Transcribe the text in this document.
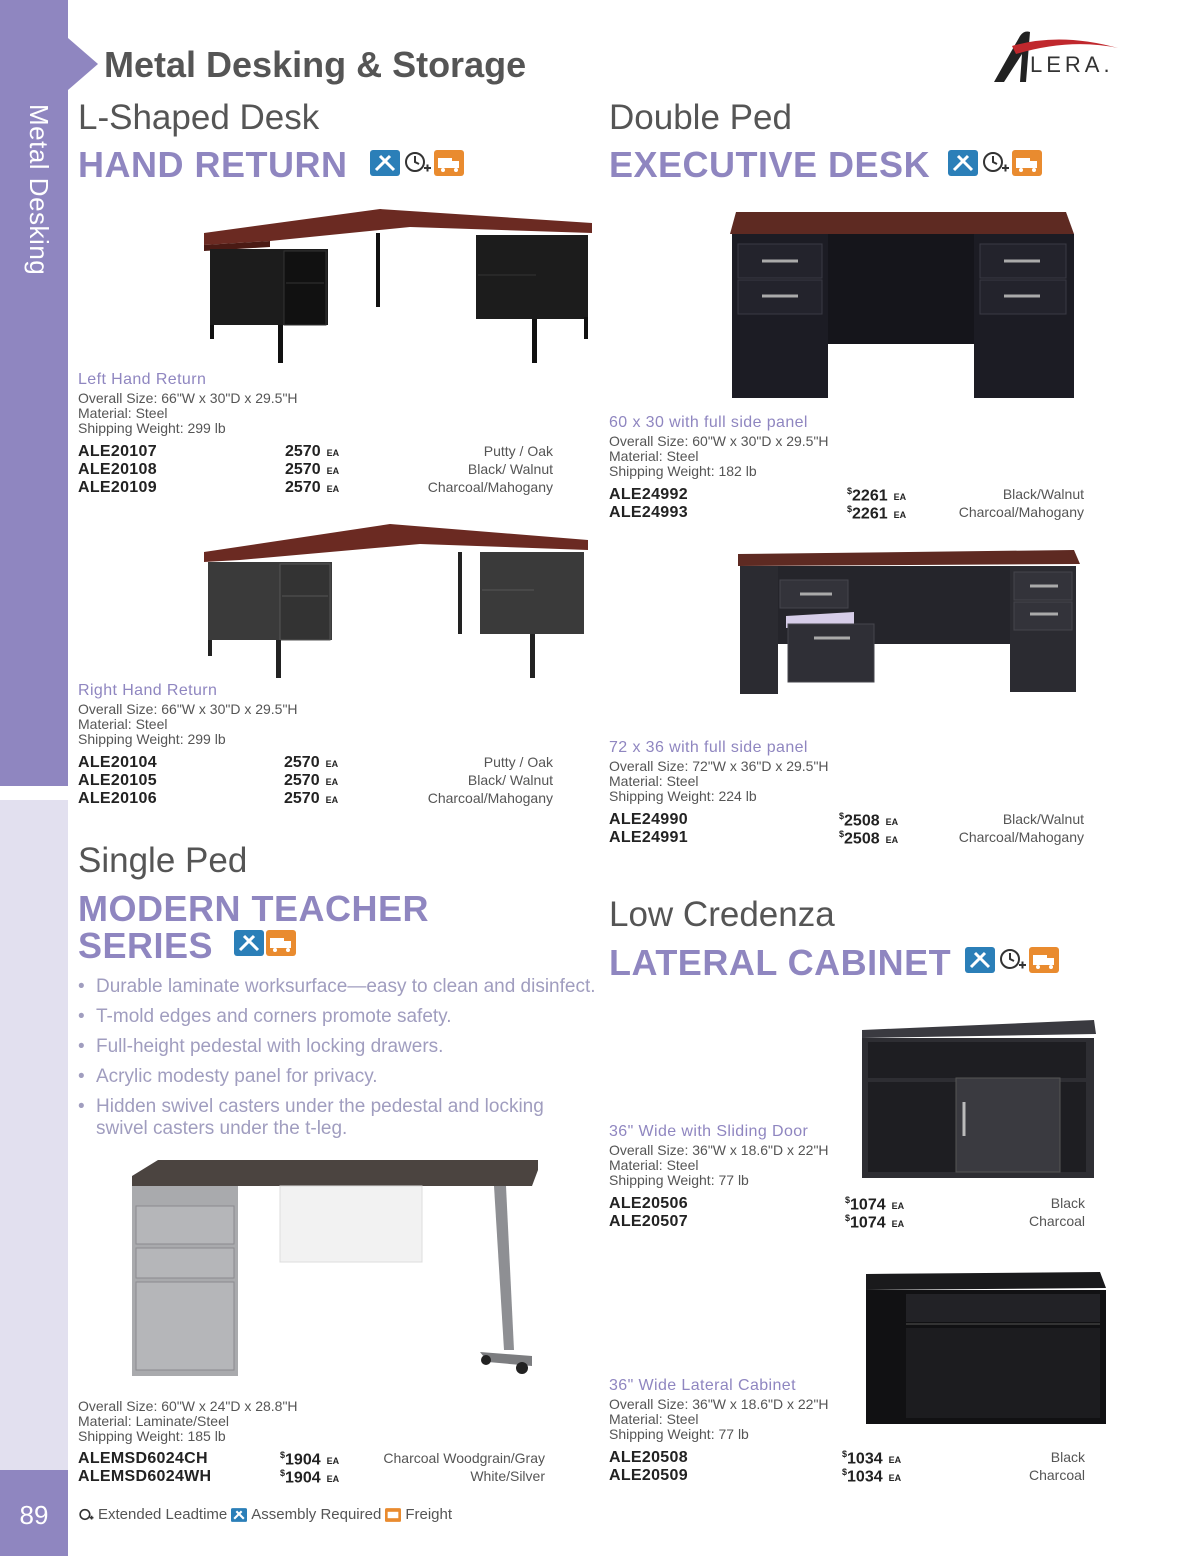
Metal Desking
89
Metal Desking & Storage	LERA.
L-Shaped Desk
HAND RETURN
Left Hand Return
Overall Size: 66"W x 30"D x 29.5"H
Material: Steel
Shipping Weight: 299 lb
ALE20107	2570 EA	Putty / Oak
ALE20108	2570 EA	Black/ Walnut
ALE20109	2570 EA	Charcoal/Mahogany
Right Hand Return
Overall Size: 66"W x 30"D x 29.5"H
Material: Steel
Shipping Weight: 299 lb
ALE20104	2570 EA	Putty / Oak
ALE20105	2570 EA	Black/ Walnut
ALE20106	2570 EA	Charcoal/Mahogany
Double Ped
EXECUTIVE DESK
60 x 30 with full side panel
Overall Size: 60"W x 30"D x 29.5"H
Material: Steel
Shipping Weight: 182 lb
ALE24992	$2261 EA	Black/Walnut
ALE24993	$2261 EA	Charcoal/Mahogany
72 x 36 with full side panel
Overall Size: 72"W x 36"D x 29.5"H
Material: Steel
Shipping Weight: 224 lb
ALE24990	$2508 EA	Black/Walnut
ALE24991	$2508 EA	Charcoal/Mahogany
Single Ped
MODERN TEACHER
SERIES
• Durable laminate worksurface—easy to clean and disinfect.
• T-mold edges and corners promote safety.
• Full-height pedestal with locking drawers.
• Acrylic modesty panel for privacy.
• Hidden swivel casters under the pedestal and locking swivel casters under the t-leg.
Overall Size: 60"W x 24"D x 28.8"H
Material: Laminate/Steel
Shipping Weight: 185 lb
ALEMSD6024CH	$1904 EA	Charcoal Woodgrain/Gray
ALEMSD6024WH	$1904 EA	White/Silver
Low Credenza
LATERAL CABINET
36" Wide with Sliding Door
Overall Size: 36"W x 18.6"D x 22"H
Material: Steel
Shipping Weight: 77 lb
ALE20506	$1074 EA	Black
ALE20507	$1074 EA	Charcoal
36" Wide Lateral Cabinet
Overall Size: 36"W x 18.6"D x 22"H
Material: Steel
Shipping Weight: 77 lb
ALE20508	$1034 EA	Black
ALE20509	$1034 EA	Charcoal
Extended Leadtime Assembly Required Freight
